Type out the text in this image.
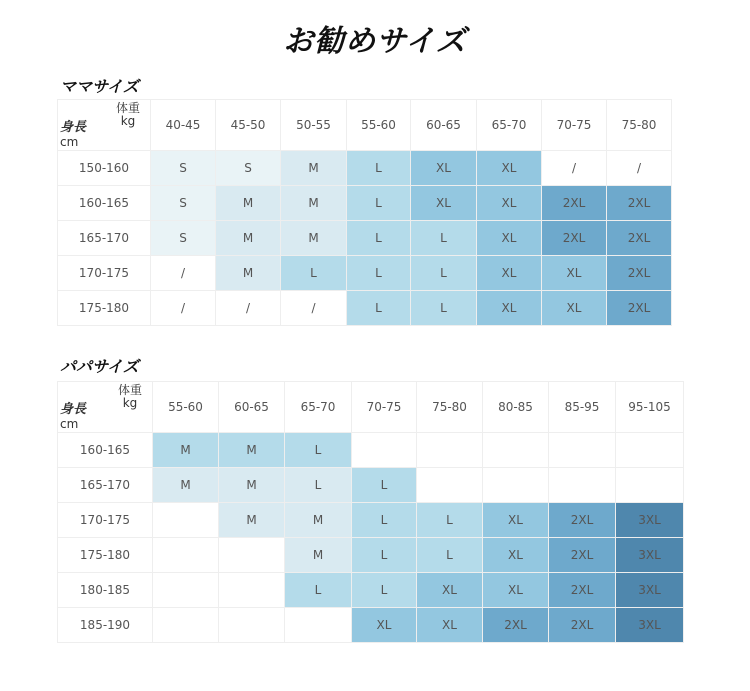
お勧めサイズ
ママサイズ
体重
kg
身長
cm	40-45	45-50	50-55	55-60	60-65	65-70	70-75	75-80
150-160	S	S	M	L	XL	XL	/	/
160-165	S	M	M	L	XL	XL	2XL	2XL
165-170	S	M	M	L	L	XL	2XL	2XL
170-175	/	M	L	L	L	XL	XL	2XL
175-180	/	/	/	L	L	XL	XL	2XL
パパサイズ
体重
kg
身長
cm	55-60	60-65	65-70	70-75	75-80	80-85	85-95	95-105
160-165	M	M	L					
165-170	M	M	L	L				
170-175		M	M	L	L	XL	2XL	3XL
175-180			M	L	L	XL	2XL	3XL
180-185			L	L	XL	XL	2XL	3XL
185-190				XL	XL	2XL	2XL	3XL
